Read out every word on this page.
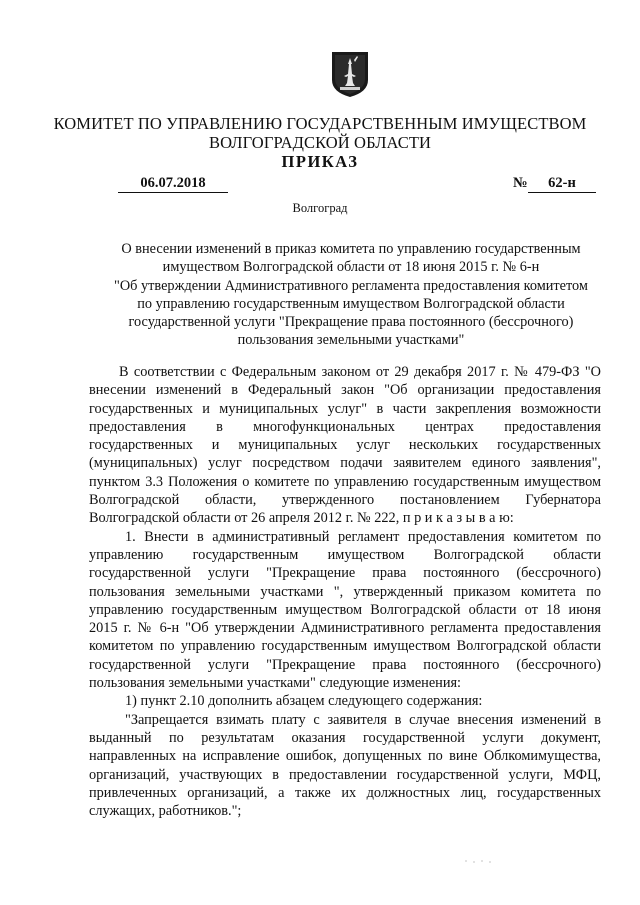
КОМИТЕТ ПО УПРАВЛЕНИЮ ГОСУДАРСТВЕННЫМ ИМУЩЕСТВОМ
ВОЛГОГРАДСКОЙ ОБЛАСТИ
ПРИКАЗ
06.07.2018	№	62-н
Волгоград
О внесении изменений в приказ комитета по управлению государственным
имуществом Волгоградской области от 18 июня 2015 г. № 6-н
"Об утверждении Административного регламента предоставления комитетом
по управлению государственным имуществом Волгоградской области
государственной услуги "Прекращение права постоянного (бессрочного)
пользования земельными участками"

В соответствии с Федеральным законом от 29 декабря 2017 г. № 479-ФЗ "О внесении изменений в Федеральный закон "Об организации предоставления государственных и муниципальных услуг" в части закрепления возможности предоставления в многофункциональных центрах предоставления государственных и муниципальных услуг нескольких государственных (муниципальных) услуг посредством подачи заявителем единого заявления", пунктом 3.3 Положения о комитете по управлению государственным имуществом Волгоградской области, утвержденного постановлением Губернатора Волгоградской области от 26 апреля 2012 г. № 222, п р и к а з ы в а ю:

1. Внести в административный регламент предоставления комитетом по управлению государственным имуществом Волгоградской области государственной услуги "Прекращение права постоянного (бессрочного) пользования земельными участками ", утвержденный приказом комитета по управлению государственным имуществом Волгоградской области от 18 июня 2015 г. № 6-н "Об утверждении Административного регламента предоставления комитетом по управлению государственным имуществом Волгоградской области государственной услуги "Прекращение права постоянного (бессрочного) пользования земельными участками" следующие изменения:

1) пункт 2.10 дополнить абзацем следующего содержания:

"Запрещается взимать плату с заявителя в случае внесения изменений в выданный по результатам оказания государственной услуги документ, направленных на исправление ошибок, допущенных по вине Облкомимущества, организаций, участвующих в предоставлении государственной услуги, МФЦ, привлеченных организаций, а также их должностных лиц, государственных служащих, работников.";
